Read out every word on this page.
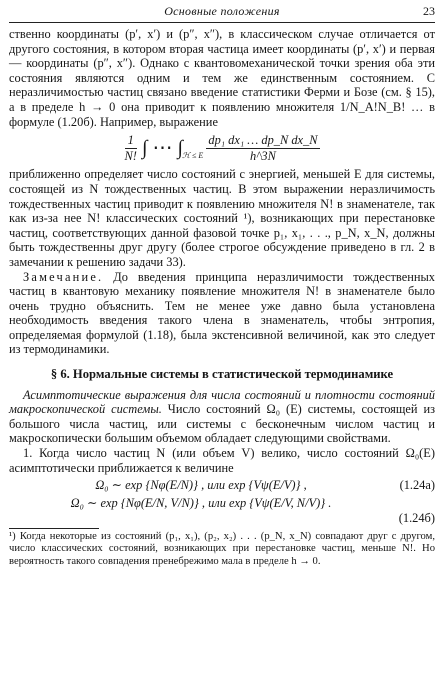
Основные положения	23

ственно координаты (p′, x′) и (p″, x″), в классическом случае отличается от другого состояния, в котором вторая частица имеет координаты (p′, x′) и первая — координаты (p″, x″). Однако с квантовомеханической точки зрения оба эти состояния являются одним и тем же единственным состоянием. С неразличимостью частиц связано введение статистики Ферми и Бозе (см. § 15), а в пределе h → 0 она приводит к появлению множителя 1/N_A!N_B! … в формуле (1.20б). Например, выражение

$\frac{1}{N!}$ ∫ ⋯ ∫ ℋ ≤ E $\frac{\text{dp₁ dx₁ … dp\_N dx\_N}}{h\^{}3N}$

приближенно определяет число состояний с энергией, меньшей E для системы, состоящей из N тождественных частиц. В этом выражении неразличимость тождественных частиц приводит к появлению множителя N! в знаменателе, так как из-за нее N! классических состояний ¹), возникающих при перестановке частиц, соответствующих данной фазовой точке p₁, x₁, . . ., p_N, x_N, должны быть тождественны друг другу (более строгое обсуждение приведено в гл. 2 в замечании к решению задачи 33).

Замечание. До введения принципа неразличимости тождественных частиц в квантовую механику появление множителя N! в знаменателе было очень трудно объяснить. Тем не менее уже давно была установлена необходимость введения такого члена в знаменатель, чтобы энтропия, определяемая формулой (1.18), была экстенсивной величиной, как это следует из термодинамики.

§ 6. Нормальные системы в статистической термодинамике

Асимптотические выражения для числа состояний и плотности состояний макроскопической системы. Число состояний Ω₀ (E) системы, состоящей из большого числа частиц, или системы с бесконечным числом частиц и макроскопически большим объемом обладает следующими свойствами.

1. Когда число частиц N (или объем V) велико, число состояний Ω₀(E) асимптотически приближается к величине

Ω₀ ∼ exp {Nφ(E/N)} , или exp {Vψ(E/V)} ,	(1.24а)
Ω₀ ∼ exp {Nφ(E/N, V/N)} , или exp {Vψ(E/V, N/V)} .
(1.24б)
¹) Когда некоторые из состояний (p₁, x₁), (p₂, x₂) . . . (p_N, x_N) совпадают друг с другом, число классических состояний, возникающих при перестановке частиц, меньше N!. Но вероятность такого совпадения пренебрежимо мала в пределе h → 0.
